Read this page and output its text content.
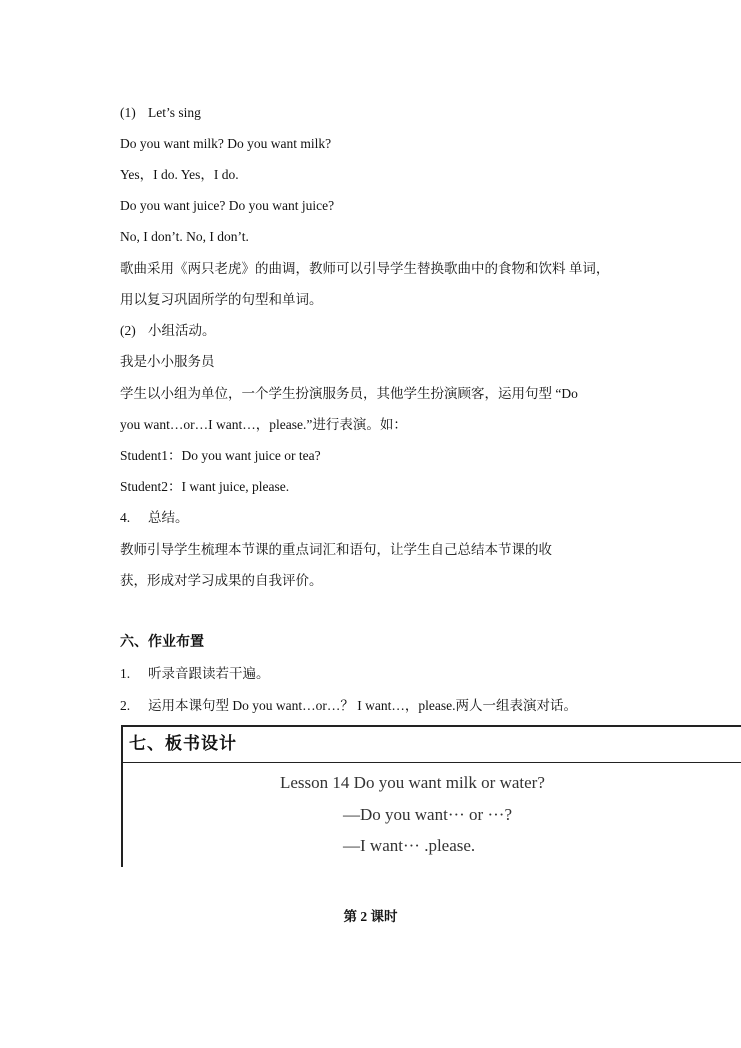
(1) Let’s sing
Do you want milk? Do you want milk?
Yes，I do. Yes，I do.
Do you want juice? Do you want juice?
No, I don’t. No, I don’t.
歌曲采用《两只老虎》的曲调，教师可以引导学生替换歌曲中的食物和饮料 单词，
用以复习巩固所学的句型和单词。
(2) 小组活动。
我是小小服务员
学生以小组为单位，一个学生扮演服务员，其他学生扮演顾客，运用句型 “Do
you want…or…I want…，please.”进行表演。如：
Student1：Do you want juice or tea?
Student2：I want juice, please.
4. 总结。
教师引导学生梳理本节课的重点词汇和语句，让学生自己总结本节课的收
获，形成对学习成果的自我评价。
六、作业布置
1. 听录音跟读若干遍。
2. 运用本课句型 Do you want…or…？ I want…，please.两人一组表演对话。
七、板书设计
Lesson 14 Do you want milk or water?
—Do you want··· or ···?
—I want··· .please.
第 2 课时
